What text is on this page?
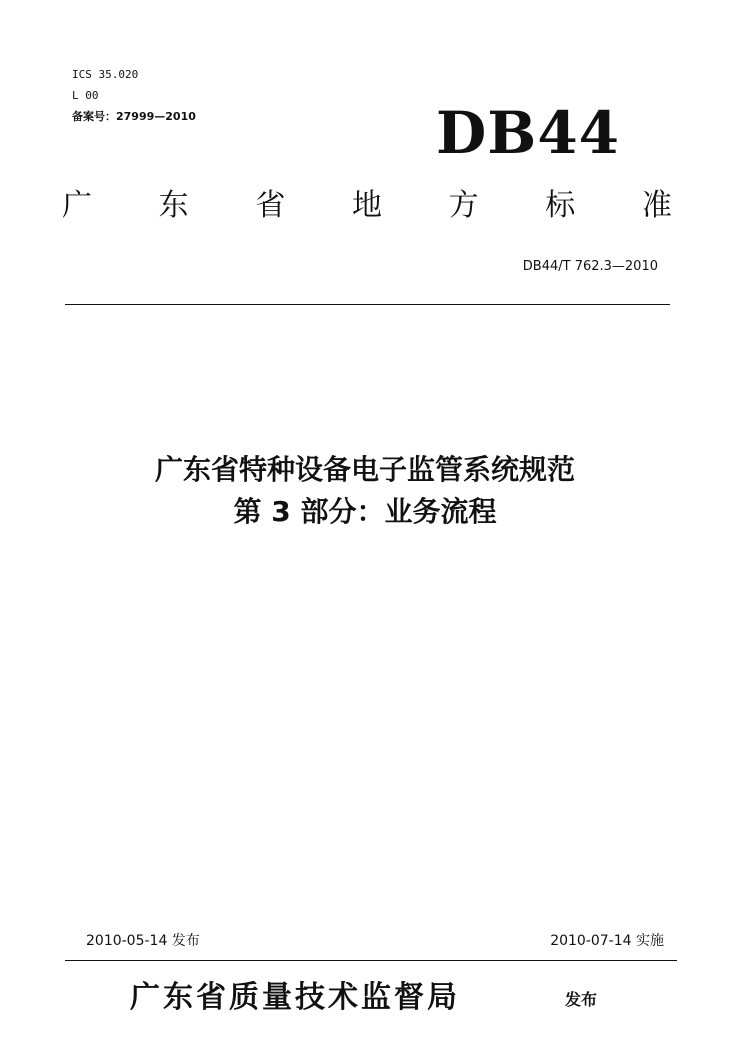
ICS 35.020
L 00
备案号：27999—2010	DB44
广 东 省 地 方 标 准
DB44/T 762.3—2010
广东省特种设备电子监管系统规范
第 3 部分：业务流程
2010-05-14 发布	2010-07-14 实施
广东省质量技术监督局	发布
